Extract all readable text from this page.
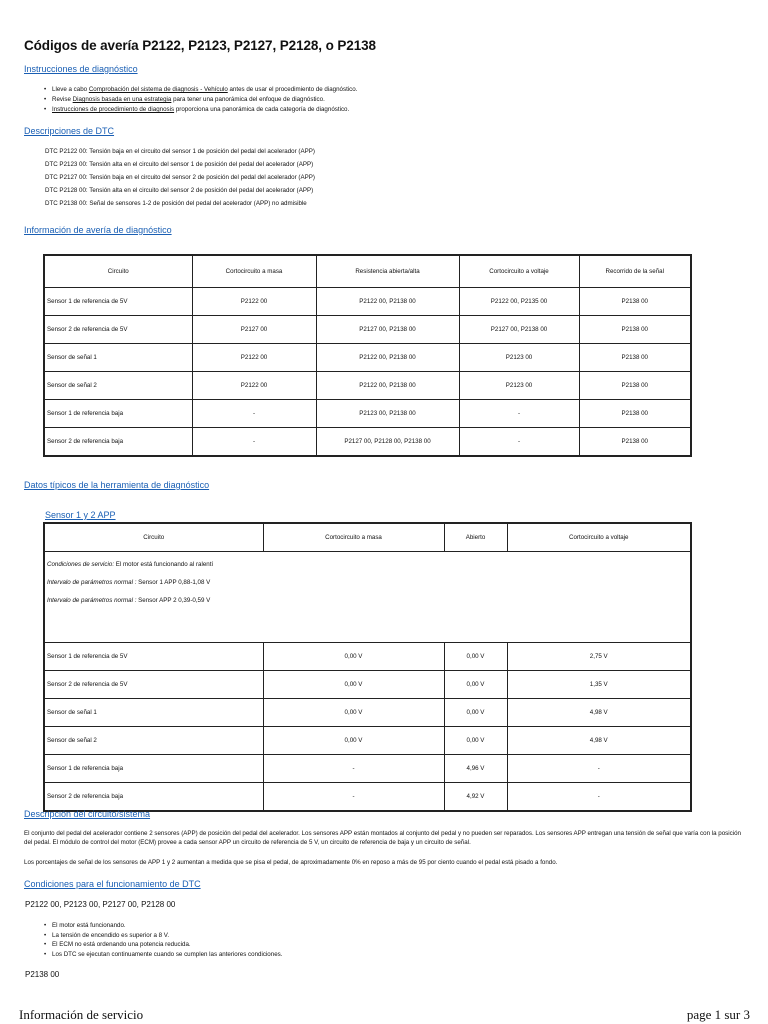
Códigos de avería P2122, P2123, P2127, P2128, o P2138
Instrucciones de diagnóstico
• Lleve a cabo Comprobación del sistema de diagnosis - Vehículo antes de usar el procedimiento de diagnóstico.
• Revise Diagnosis basada en una estrategia para tener una panorámica del enfoque de diagnóstico.
• Instrucciones de procedimiento de diagnosis proporciona una panorámica de cada categoría de diagnóstico.
Descripciones de DTC
DTC P2122 00: Tensión baja en el circuito del sensor 1 de posición del pedal del acelerador (APP)
DTC P2123 00: Tensión alta en el circuito del sensor 1 de posición del pedal del acelerador (APP)
DTC P2127 00: Tensión baja en el circuito del sensor 2 de posición del pedal del acelerador (APP)
DTC P2128 00: Tensión alta en el circuito del sensor 2 de posición del pedal del acelerador (APP)
DTC P2138 00: Señal de sensores 1-2 de posición del pedal del acelerador (APP) no admisible
Información de avería de diagnóstico
Circuito	Cortocircuito a masa	Resistencia abierta/alta	Cortocircuito a voltaje	Recorrido de la señal
Sensor 1 de referencia de 5V	P2122 00	P2122 00, P2138 00	P2122 00, P2135 00	P2138 00
Sensor 2 de referencia de 5V	P2127 00	P2127 00, P2138 00	P2127 00, P2138 00	P2138 00
Sensor de señal 1	P2122 00	P2122 00, P2138 00	P2123 00	P2138 00
Sensor de señal 2	P2122 00	P2122 00, P2138 00	P2123 00	P2138 00
Sensor 1 de referencia baja	-	P2123 00, P2138 00	-	P2138 00
Sensor 2 de referencia baja	-	P2127 00, P2128 00, P2138 00	-	P2138 00
Datos típicos de la herramienta de diagnóstico
Sensor 1 y 2 APP
Circuito	Cortocircuito a masa	Abierto	Cortocircuito a voltaje

Condiciones de servicio: El motor está funcionando al ralentí
Intervalo de parámetros normal : Sensor 1 APP 0,88-1,08 V
Intervalo de parámetros normal : Sensor APP 2 0,39-0,59 V			

Sensor 1 de referencia de 5V	0,00 V	0,00 V	2,75 V
Sensor 2 de referencia de 5V	0,00 V	0,00 V	1,35 V
Sensor de señal 1	0,00 V	0,00 V	4,98 V
Sensor de señal 2	0,00 V	0,00 V	4,98 V
Sensor 1 de referencia baja	-	4,96 V	-
Sensor 2 de referencia baja	-	4,92 V	-
Descripción del circuito/sistema

El conjunto del pedal del acelerador contiene 2 sensores (APP) de posición del pedal del acelerador. Los sensores APP están montados al conjunto del pedal y no pueden ser reparados. Los sensores APP entregan una tensión de señal que varía con la posición del pedal. El módulo de control del motor (ECM) provee a cada sensor APP un circuito de referencia de 5 V, un circuito de referencia de baja y un circuito de señal.

Los porcentajes de señal de los sensores de APP 1 y 2 aumentan a medida que se pisa el pedal, de aproximadamente 0% en reposo a más de 95 por ciento cuando el pedal está pisado a fondo.

Condiciones para el funcionamiento de DTC
P2122 00, P2123 00, P2127 00, P2128 00
• El motor está funcionando.
• La tensión de encendido es superior a 8 V.
• El ECM no está ordenando una potencia reducida.
• Los DTC se ejecutan continuamente cuando se cumplen las anteriores condiciones.
P2138 00
Información de servicio	page 1 sur 3
